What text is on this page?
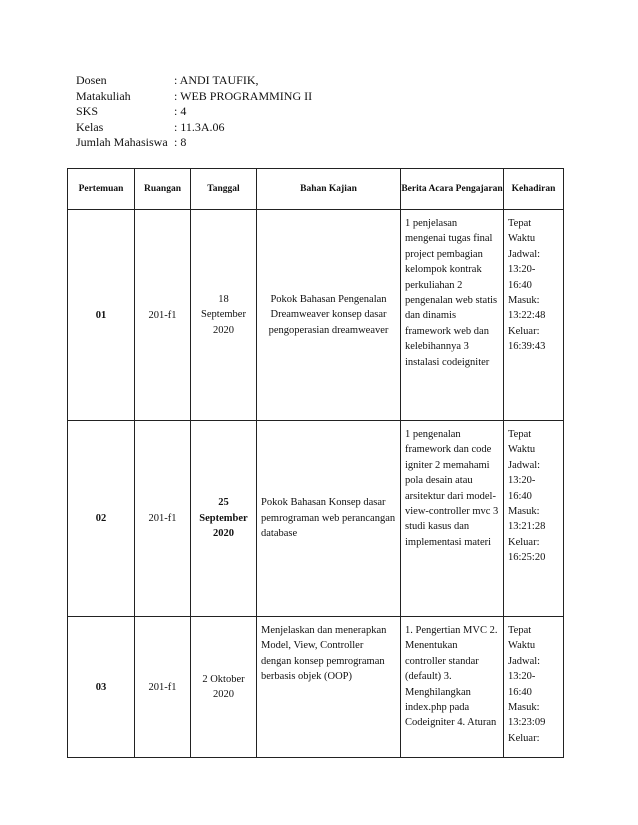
Dosen	: ANDI TAUFIK,
Matakuliah	: WEB PROGRAMMING II
SKS	: 4
Kelas	: 11.3A.06
Jumlah Mahasiswa : 8
Pertemuan	Ruangan	Tanggal	Bahan Kajian	Berita Acara Pengajaran	Kehadiran
01	201-f1	18 September 2020	Pokok Bahasan Pengenalan Dreamweaver konsep dasar pengoperasian dreamweaver	1 penjelasan mengenai tugas final project pembagian kelompok kontrak perkuliahan 2 pengenalan web statis dan dinamis framework web dan kelebihannya 3 instalasi codeigniter	Tepat Waktu Jadwal: 13:20-16:40 Masuk: 13:22:48 Keluar: 16:39:43
02	201-f1	25 September 2020	Pokok Bahasan Konsep dasar pemrograman web perancangan database	1 pengenalan framework dan code igniter 2 memahami pola desain atau arsitektur dari model-view-controller mvc 3 studi kasus dan implementasi materi	Tepat Waktu Jadwal: 13:20-16:40 Masuk: 13:21:28 Keluar: 16:25:20
03	201-f1	2 Oktober 2020	Menjelaskan dan menerapkan Model, View, Controller dengan konsep pemrograman berbasis objek (OOP)	1. Pengertian MVC 2. Menentukan controller standar (default) 3. Menghilangkan index.php pada Codeigniter 4. Aturan	Tepat Waktu Jadwal: 13:20-16:40 Masuk: 13:23:09 Keluar:
